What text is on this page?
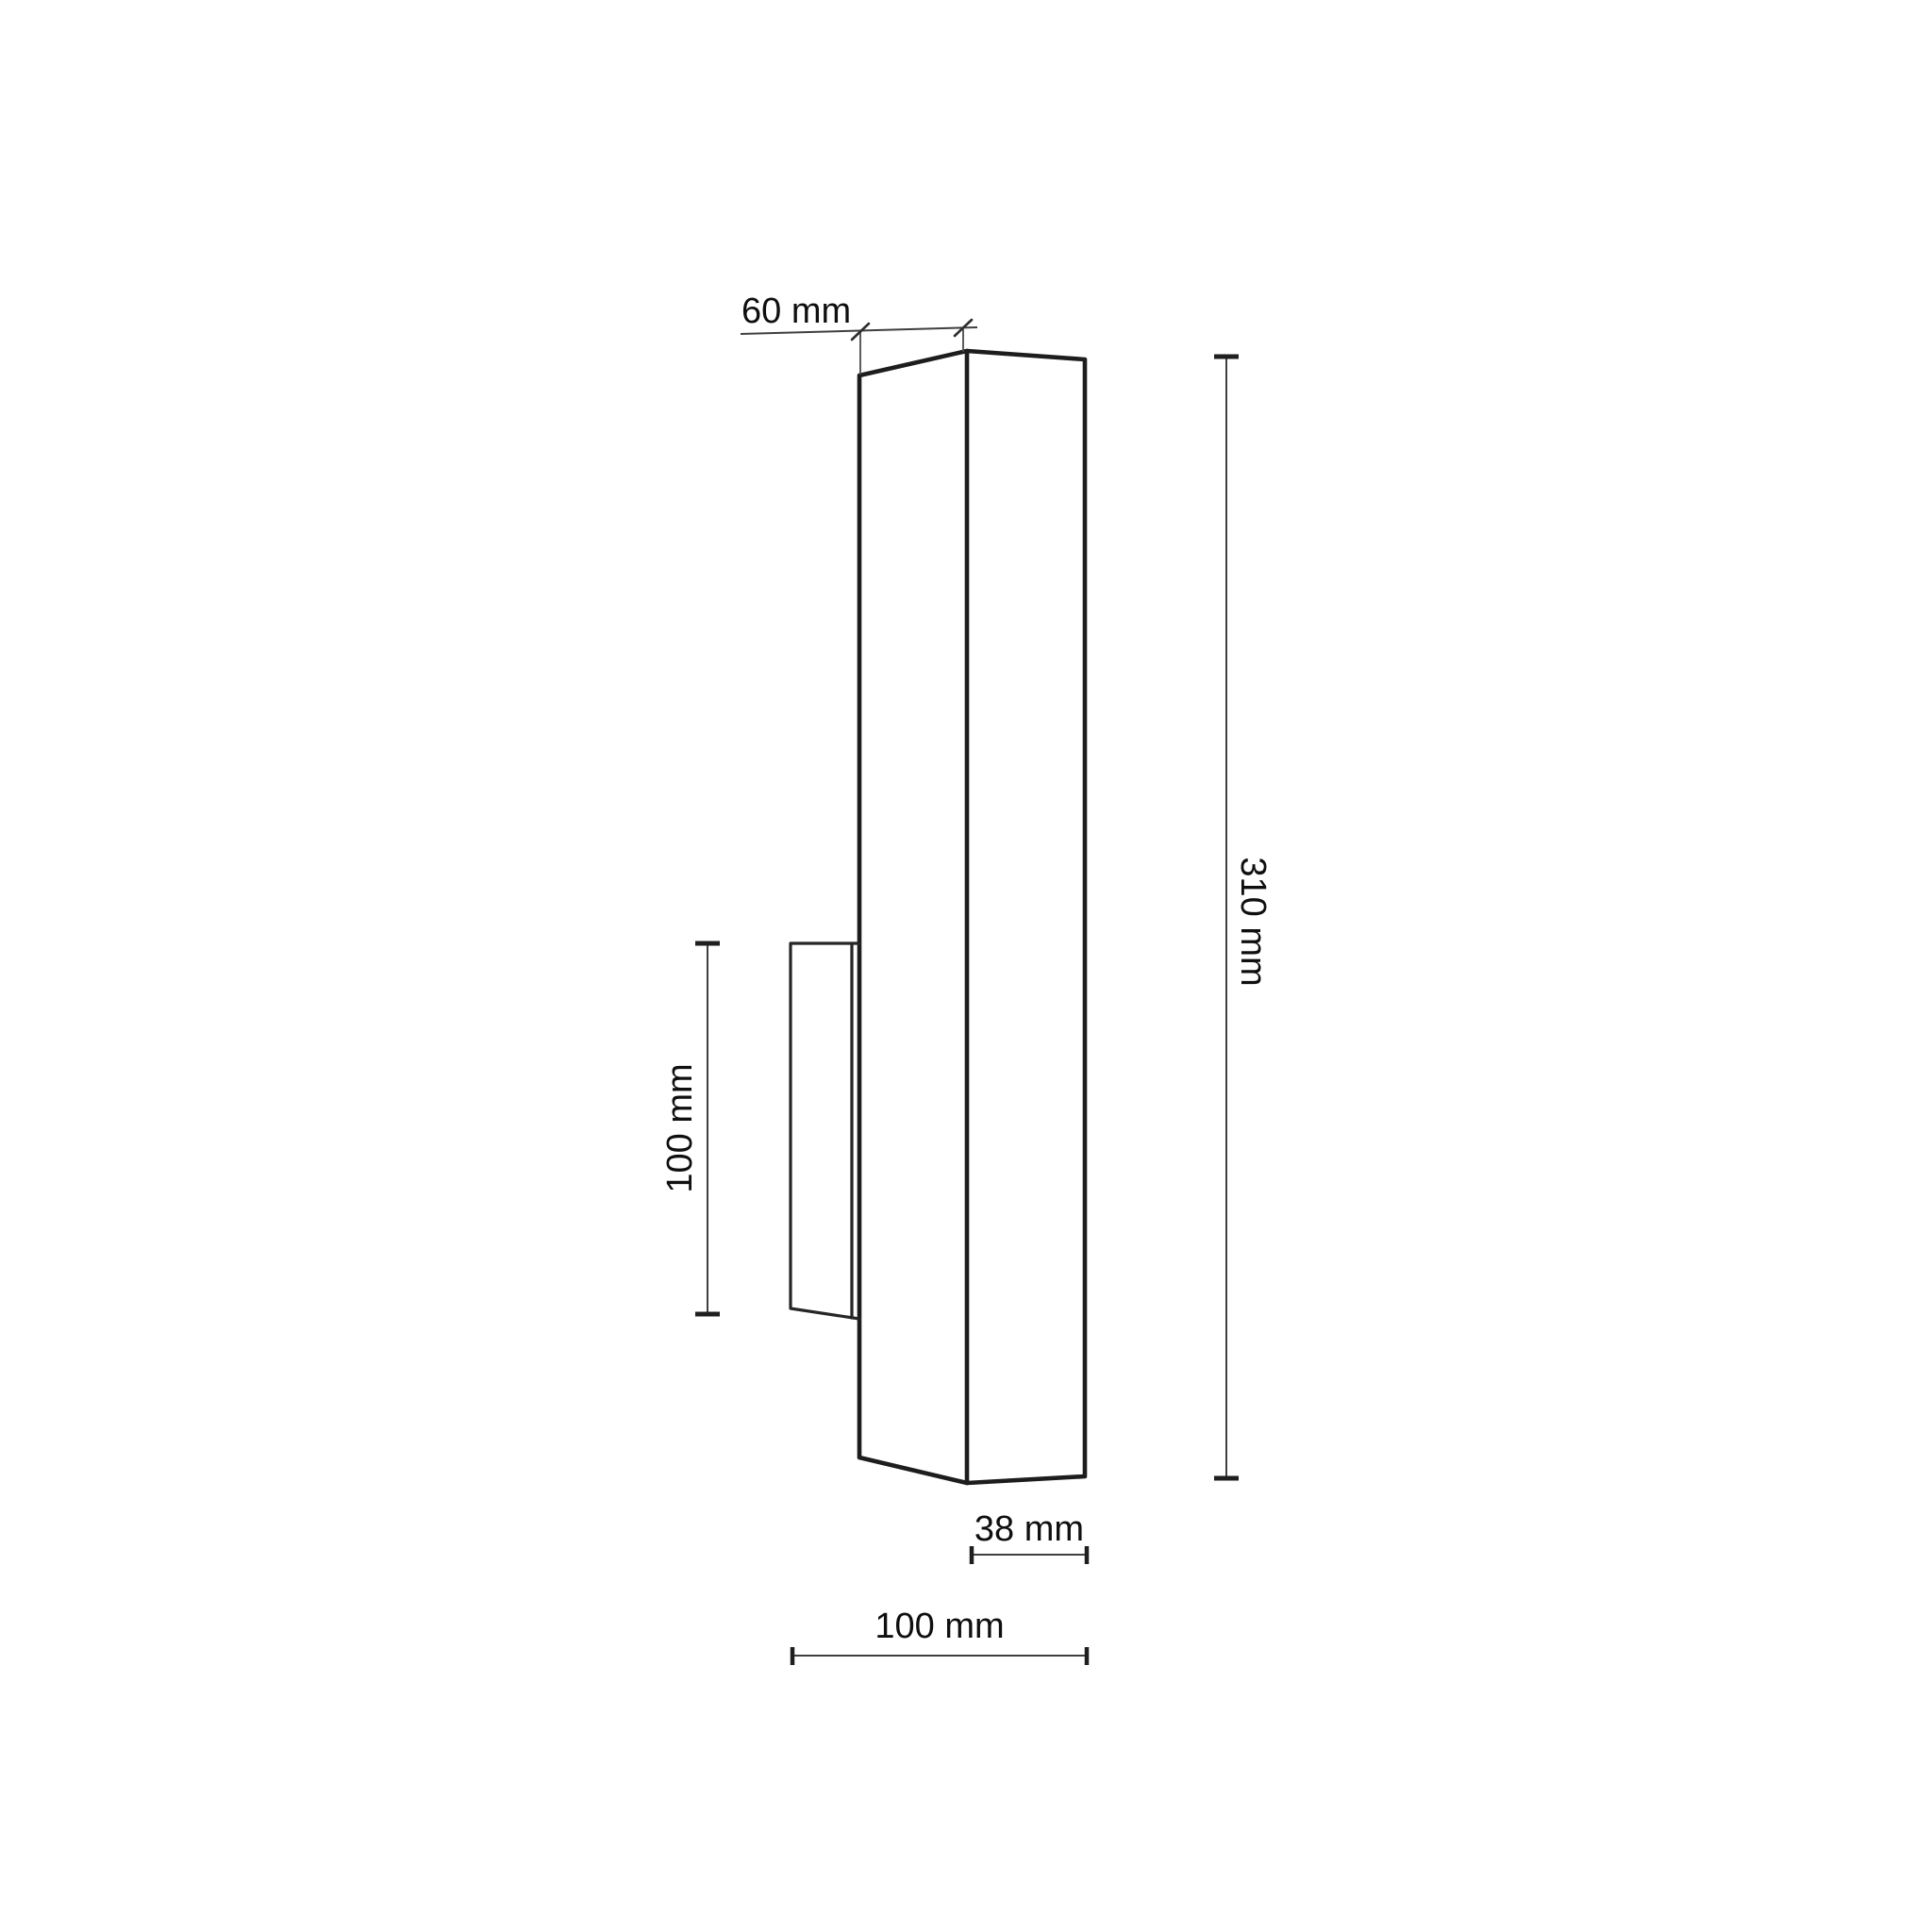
60 mm
310 mm
100 mm
38 mm
100 mm
